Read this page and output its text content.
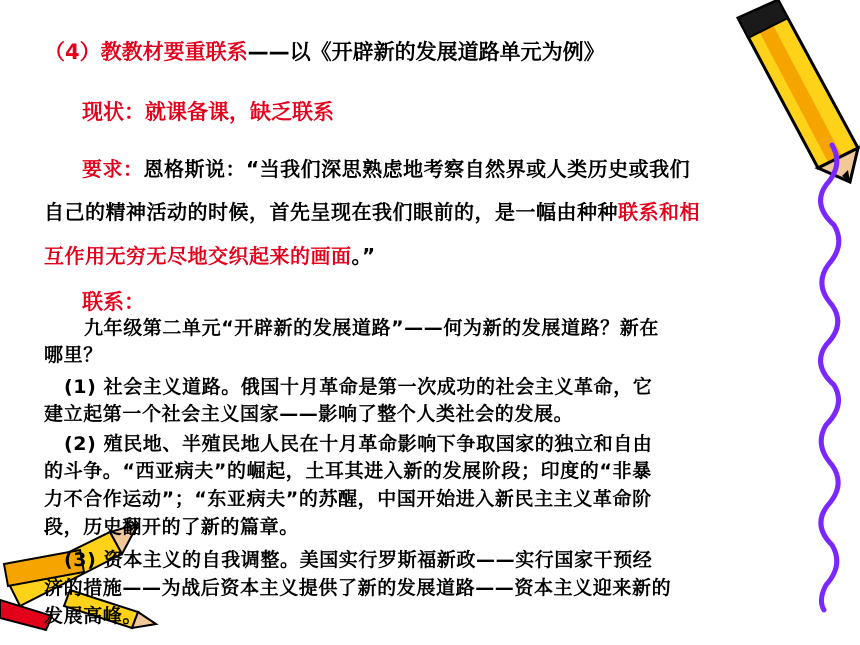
（4）教教材要重联系——以《开辟新的发展道路单元为例》
现状：就课备课，缺乏联系
要求：恩格斯说：“当我们深思熟虑地考察自然界或人类历史或我们
自己的精神活动的时候，首先呈现在我们眼前的，是一幅由种种联系和相
互作用无穷无尽地交织起来的画面。”
联系：
九年级第二单元“开辟新的发展道路”——何为新的发展道路？新在
哪里？
(1) 社会主义道路。俄国十月革命是第一次成功的社会主义革命，它
建立起第一个社会主义国家——影响了整个人类社会的发展。
(2) 殖民地、半殖民地人民在十月革命影响下争取国家的独立和自由
的斗争。“西亚病夫”的崛起，土耳其进入新的发展阶段；印度的“非暴
力不合作运动”；“东亚病夫”的苏醒，中国开始进入新民主主义革命阶
段，历史翻开的了新的篇章。
(3) 资本主义的自我调整。美国实行罗斯福新政——实行国家干预经
济的措施——为战后资本主义提供了新的发展道路——资本主义迎来新的
发展高峰。
